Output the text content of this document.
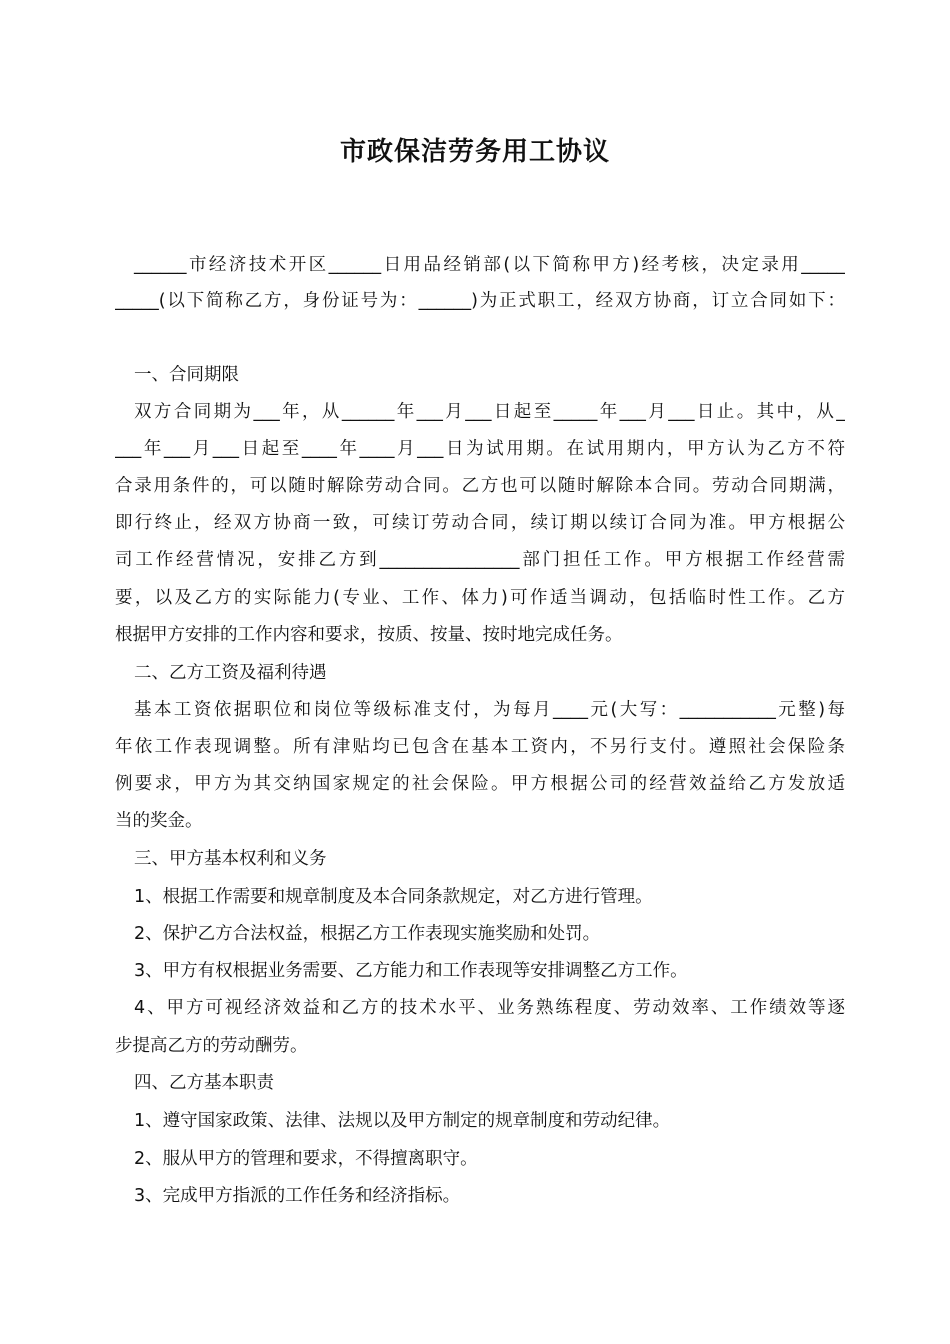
市政保洁劳务用工协议
______市经济技术开区______日用品经销部(以下简称甲方)经考核，决定录用_____
_____(以下简称乙方，身份证号为：______)为正式职工，经双方协商，订立合同如下：
一、合同期限
双方合同期为___年，从______年___月___日起至_____年___月___日止。其中，从_
___年___月___日起至____年____月___日为试用期。在试用期内，甲方认为乙方不符
合录用条件的，可以随时解除劳动合同。乙方也可以随时解除本合同。劳动合同期满，
即行终止，经双方协商一致，可续订劳动合同，续订期以续订合同为准。甲方根据公
司工作经营情况，安排乙方到________________部门担任工作。甲方根据工作经营需
要，以及乙方的实际能力(专业、工作、体力)可作适当调动，包括临时性工作。乙方
根据甲方安排的工作内容和要求，按质、按量、按时地完成任务。
二、乙方工资及福利待遇
基本工资依据职位和岗位等级标准支付，为每月____元(大写：___________元整)每
年依工作表现调整。所有津贴均已包含在基本工资内，不另行支付。遵照社会保险条
例要求，甲方为其交纳国家规定的社会保险。甲方根据公司的经营效益给乙方发放适
当的奖金。
三、甲方基本权利和义务
1、根据工作需要和规章制度及本合同条款规定，对乙方进行管理。
2、保护乙方合法权益，根据乙方工作表现实施奖励和处罚。
3、甲方有权根据业务需要、乙方能力和工作表现等安排调整乙方工作。
4、甲方可视经济效益和乙方的技术水平、业务熟练程度、劳动效率、工作绩效等逐
步提高乙方的劳动酬劳。
四、乙方基本职责
1、遵守国家政策、法律、法规以及甲方制定的规章制度和劳动纪律。
2、服从甲方的管理和要求，不得擅离职守。
3、完成甲方指派的工作任务和经济指标。
